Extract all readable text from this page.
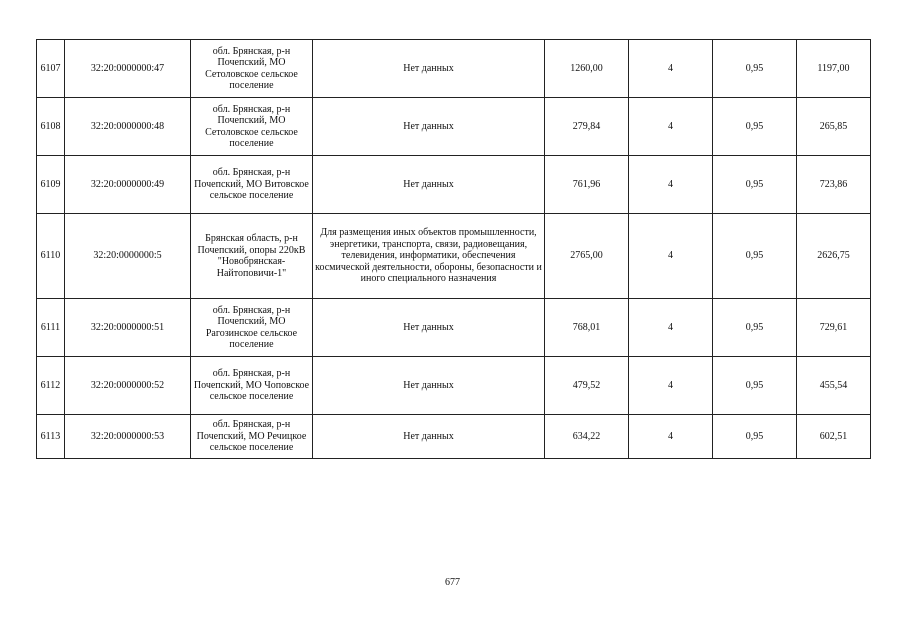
6107	32:20:0000000:47	обл. Брянская, р-н Почепский, МО Сетоловское сельское поселение	Нет данных	1260,00	4	0,95	1197,00
6108	32:20:0000000:48	обл. Брянская, р-н Почепский, МО Сетоловское сельское поселение	Нет данных	279,84	4	0,95	265,85
6109	32:20:0000000:49	обл. Брянская, р-н Почепский, МО Витовское сельское поселение	Нет данных	761,96	4	0,95	723,86
6110	32:20:0000000:5	Брянская область, р-н Почепский, опоры 220кВ "Новобрянская-Найтоповичи-1"	Для размещения иных объектов промышленности, энергетики, транспорта, связи, радиовещания, телевидения, информатики, обеспечения космической деятельности, обороны, безопасности и иного специального назначения	2765,00	4	0,95	2626,75
6111	32:20:0000000:51	обл. Брянская, р-н Почепский, МО Рагозинское сельское поселение	Нет данных	768,01	4	0,95	729,61
6112	32:20:0000000:52	обл. Брянская, р-н Почепский, МО Чоповское сельское поселение	Нет данных	479,52	4	0,95	455,54
6113	32:20:0000000:53	обл. Брянская, р-н Почепский, МО Речицкое сельское поселение	Нет данных	634,22	4	0,95	602,51
677
